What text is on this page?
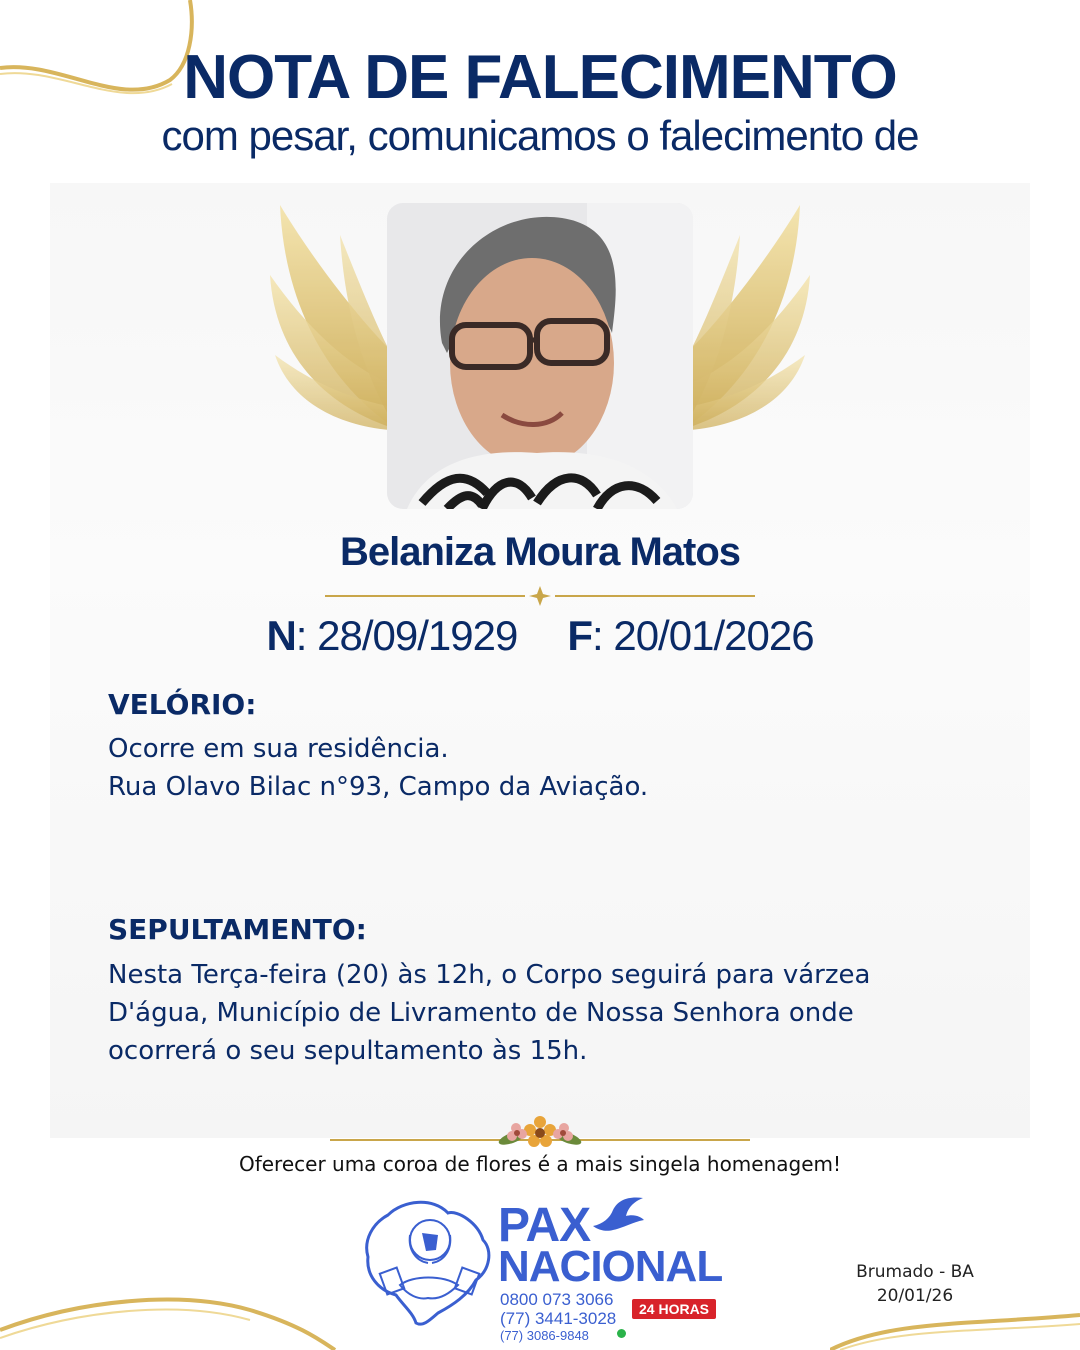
NOTA DE FALECIMENTO
com pesar, comunicamos o falecimento de
Belaniza Moura Matos
N: 28/09/1929 F: 20/01/2026
VELÓRIO:
Ocorre em sua residência.
Rua Olavo Bilac n°93, Campo da Aviação.
SEPULTAMENTO:
Nesta Terça-feira (20) às 12h, o Corpo seguirá para várzea
D'água, Município de Livramento de Nossa Senhora onde
ocorrerá o seu sepultamento às 15h.
Oferecer uma coroa de flores é a mais singela homenagem!
PAX
NACIONAL
0800 073 3066	24 HORAS
(77) 3441-3028
(77) 3086-9848
Brumado - BA
20/01/26
